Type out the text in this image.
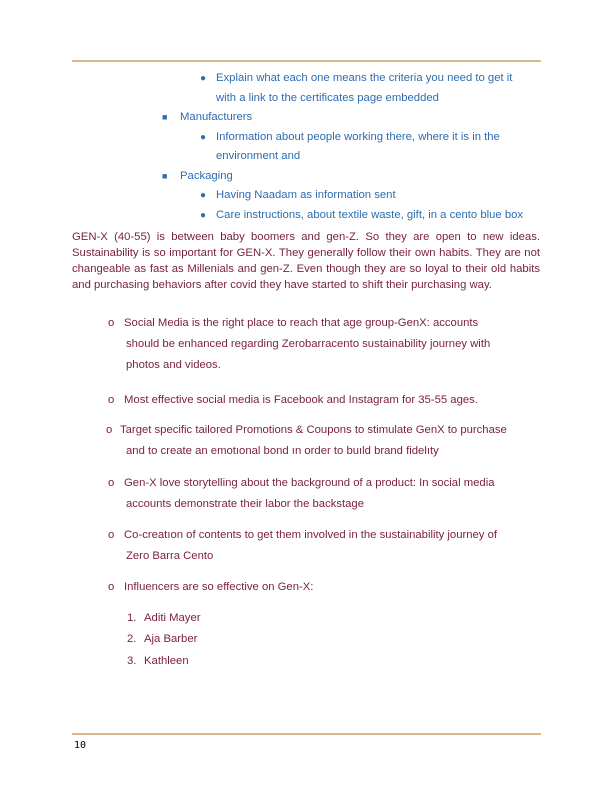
● Explain what each one means the criteria you need to get it
with a link to the certificates page embedded
■ Manufacturers
● Information about people working there, where it is in the
environment and
■ Packaging
● Having Naadam as information sent
● Care instructions, about textile waste, gift, in a cento blue box
GEN-X (40-55) is between baby boomers and gen-Z. So they are open to new ideas. Sustainability is so important for GEN-X. They generally follow their own habits. They are not changeable as fast as Millenials and gen-Z. Even though they are so loyal to their old habits and purchasing behaviors after covid they have started to shift their purchasing way.
o Social Media is the right place to reach that age group-GenX: accounts
should be enhanced regarding Zerobarracento sustainability journey with
photos and videos.
o Most effective social media is Facebook and Instagram for 35-55 ages.
o Target speciﬁc tailored Promotions & Coupons to stimulate GenX to purchase
and to create an emotıonal bond ın order to buıld brand ﬁdelıty
o Gen-X love storytelling about the background of a product: In social media
accounts demonstrate their labor the backstage
o Co-creatıon of contents to get them involved in the sustainability journey of
Zero Barra Cento
o Influencers are so effective on Gen-X:
1. Aditi Mayer
2. Aja Barber
3. Kathleen
10
